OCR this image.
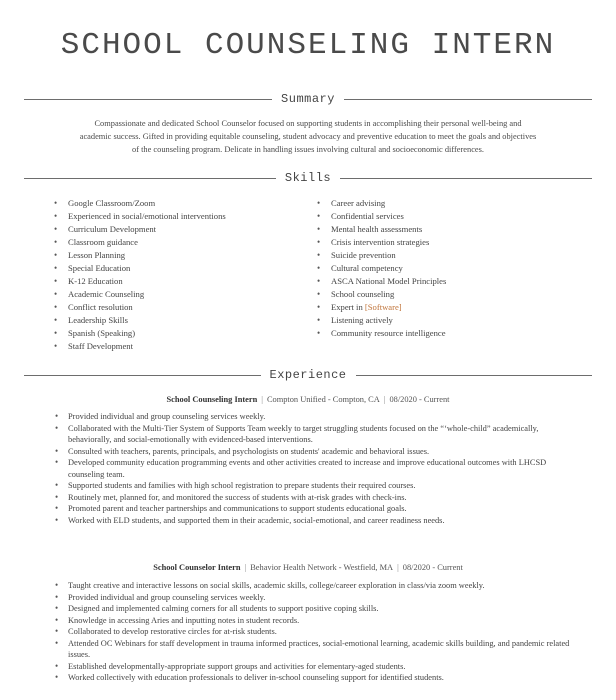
SCHOOL COUNSELING INTERN
Summary
Compassionate and dedicated School Counselor focused on supporting students in accomplishing their personal well-being and
academic success. Gifted in providing equitable counseling, student advocacy and preventive education to meet the goals and objectives
of the counseling program. Delicate in handling issues involving cultural and socioeconomic differences.
Skills
• Google Classroom/Zoom
• Experienced in social/emotional interventions
• Curriculum Development
• Classroom guidance
• Lesson Planning
• Special Education
• K-12 Education
• Academic Counseling
• Conflict resolution
• Leadership Skills
• Spanish (Speaking)
• Staff Development
• Career advising
• Confidential services
• Mental health assessments
• Crisis intervention strategies
• Suicide prevention
• Cultural competency
• ASCA National Model Principles
• School counseling
• Expert in [Software]
• Listening actively
• Community resource intelligence
Experience
School Counseling Intern | Compton Unified - Compton, CA | 08/2020 - Current
• Provided individual and group counseling services weekly.
• Collaborated with the Multi-Tier System of Supports Team weekly to target struggling students focused on the “‘whole-child” academically, behaviorally, and social-emotionally with evidenced-based interventions.
• Consulted with teachers, parents, principals, and psychologists on students' academic and behavioral issues.
• Developed community education programming events and other activities created to increase and improve educational outcomes with LHCSD counseling team.
• Supported students and families with high school registration to prepare students their required courses.
• Routinely met, planned for, and monitored the success of students with at-risk grades with check-ins.
• Promoted parent and teacher partnerships and communications to support students educational goals.
• Worked with ELD students, and supported them in their academic, social-emotional, and career readiness needs.
School Counselor Intern | Behavior Health Network - Westfield, MA | 08/2020 - Current
• Taught creative and interactive lessons on social skills, academic skills, college/career exploration in class/via zoom weekly.
• Provided individual and group counseling services weekly.
• Designed and implemented calming corners for all students to support positive coping skills.
• Knowledge in accessing Aries and inputting notes in student records.
• Collaborated to develop restorative circles for at-risk students.
• Attended OC Webinars for staff development in trauma informed practices, social-emotional learning, academic skills building, and pandemic related issues.
• Established developmentally-appropriate support groups and activities for elementary-aged students.
• Worked collectively with education professionals to deliver in-school counseling support for identified students.
